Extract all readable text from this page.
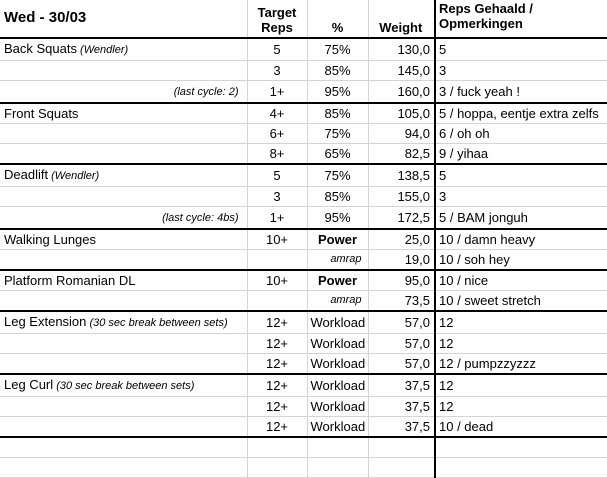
Wed - 30/03	Target Reps	%	Weight	Reps Gehaald / Opmerkingen
Back Squats (Wendler)	5	75%	130,0	5
	3	85%	145,0	3
(last cycle: 2)	1+	95%	160,0	3 / fuck yeah !
Front Squats	4+	85%	105,0	5 / hoppa, eentje extra zelfs
	6+	75%	94,0	6 / oh oh
	8+	65%	82,5	9 / yihaa
Deadlift (Wendler)	5	75%	138,5	5
	3	85%	155,0	3
(last cycle: 4bs)	1+	95%	172,5	5 / BAM jonguh
Walking Lunges	10+	Power	25,0	10 / damn heavy
		amrap	19,0	10 / soh hey
Platform Romanian DL	10+	Power	95,0	10 / nice
		amrap	73,5	10 / sweet stretch
Leg Extension (30 sec break between sets)	12+	Workload	57,0	12
	12+	Workload	57,0	12
	12+	Workload	57,0	12 / pumpzzyzzz
Leg Curl (30 sec break between sets)	12+	Workload	37,5	12
	12+	Workload	37,5	12
	12+	Workload	37,5	10 / dead
